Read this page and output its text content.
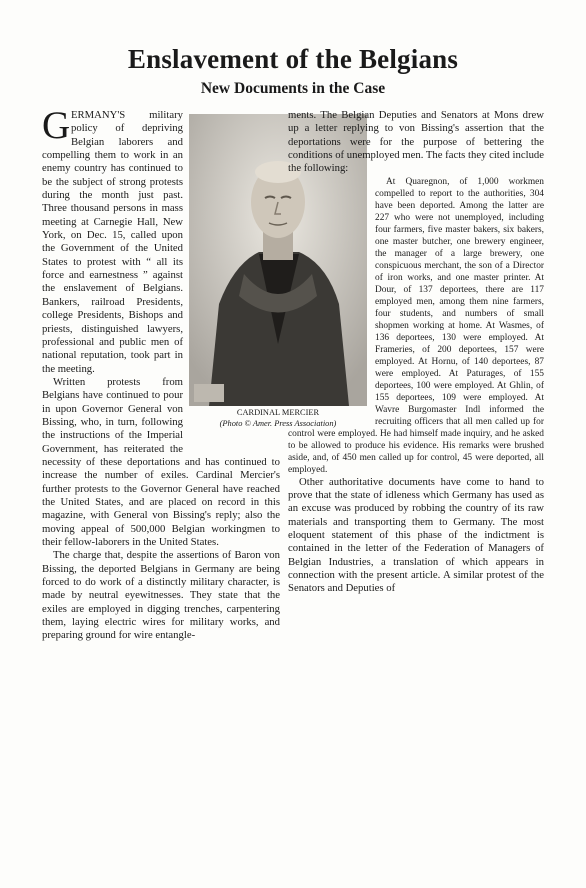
Enslavement of the Belgians
New Documents in the Case
CARDINAL MERCIER
(Photo © Amer. Press Association)

GERMANY'S military policy of depriving Belgian laborers and compelling them to work in an enemy country has continued to be the subject of strong protests during the month just past. Three thousand persons in mass meeting at Carnegie Hall, New York, on Dec. 15, called upon the Government of the United States to protest with “ all its force and earnestness ” against the enslavement of Belgians. Bankers, railroad Presidents, college Presidents, Bishops and priests, distinguished lawyers, professional and public men of national reputation, took part in the meeting.

Written protests from Belgians have continued to pour in upon Governor General von Bissing, who, in turn, following the instructions of the Imperial Government, has reiterated the necessity of these deportations and has continued to increase the number of exiles. Cardinal Mercier's further protests to the Governor General have reached the United States, and are placed on record in this magazine, with General von Bissing's reply; also the moving appeal of 500,000 Belgian workingmen to their fellow-laborers in the United States.

The charge that, despite the assertions of Baron von Bissing, the deported Belgians in Germany are being forced to do work of a distinctly military character, is made by neutral eyewitnesses. They state that the exiles are employed in digging trenches, carpentering them, laying electric wires for military works, and preparing ground for wire entangle-

ments. The Belgian Deputies and Senators at Mons drew up a letter replying to von Bissing's assertion that the deportations were for the purpose of bettering the conditions of unemployed men. The facts they cited include the following:

At Quaregnon, of 1,000 workmen compelled to report to the authorities, 304 have been deported. Among the latter are 227 who were not unemployed, including four farmers, five master bakers, six bakers, one master butcher, one brewery engineer, the manager of a large brewery, one conspicuous merchant, the son of a Director of iron works, and one master printer. At Dour, of 137 deportees, there are 117 employed men, among them nine farmers, four students, and numbers of small shopmen working at home. At Wasmes, of 136 deportees, 130 were employed. At Frameries, of 200 deportees, 157 were employed. At Hornu, of 140 deportees, 87 were employed. At Paturages, of 155 deportees, 100 were employed. At Ghlin, of 155 deportees, 109 were employed. At Wavre Burgomaster Indl informed the recruiting officers that all men called up for control were employed. He had himself made inquiry, and he asked to be allowed to produce his evidence. His remarks were brushed aside, and, of 450 men called up for control, 45 were deported, all employed.

Other authoritative documents have come to hand to prove that the state of idleness which Germany has used as an excuse was produced by robbing the country of its raw materials and transporting them to Germany. The most eloquent statement of this phase of the indictment is contained in the letter of the Federation of Managers of Belgian Industries, a translation of which appears in connection with the present article. A similar protest of the Senators and Deputies of
